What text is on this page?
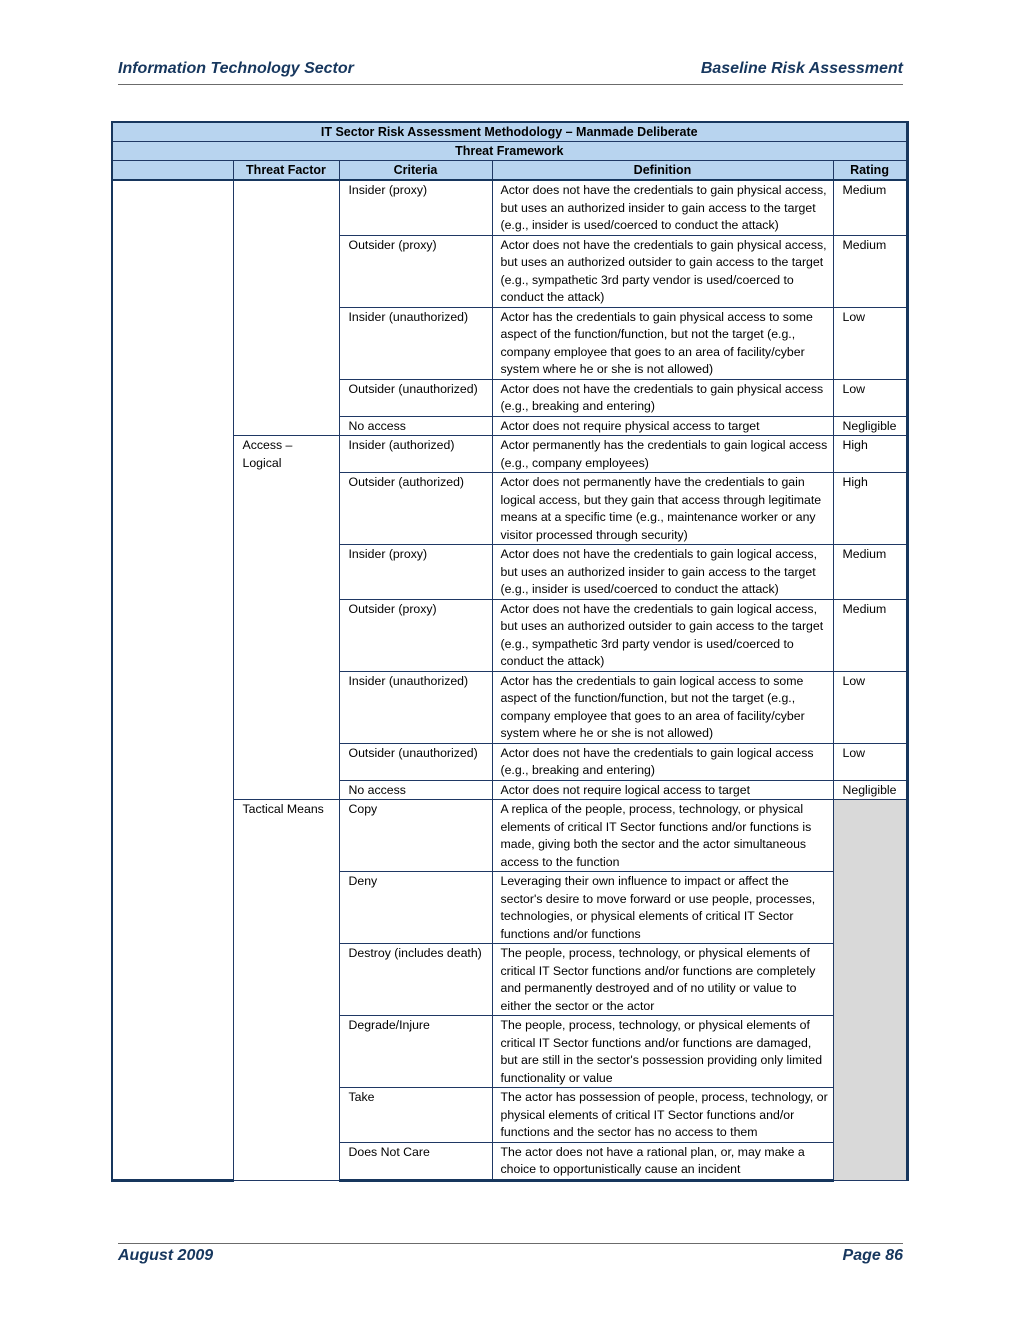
Information Technology Sector	Baseline Risk Assessment
IT Sector Risk Assessment Methodology – Manmade Deliberate				
Threat Framework				
	Threat Factor	Criteria	Definition	Rating

		Insider (proxy)	Actor does not have the credentials to gain physical access, but uses an authorized insider to gain access to the target (e.g., insider is used/coerced to conduct the attack)	Medium

		Outsider (proxy)	Actor does not have the credentials to gain physical access, but uses an authorized outsider to gain access to the target (e.g., sympathetic 3rd party vendor is used/coerced to conduct the attack)	Medium

		Insider (unauthorized)	Actor has the credentials to gain physical access to some aspect of the function/function, but not the target (e.g., company employee that goes to an area of facility/cyber system where he or she is not allowed)	Low

		Outsider (unauthorized)	Actor does not have the credentials to gain physical access (e.g., breaking and entering)	Low

		No access	Actor does not require physical access to target	Negligible

	Access – Logical	Insider (authorized)	Actor permanently has the credentials to gain logical access (e.g., company employees)	High

		Outsider (authorized)	Actor does not permanently have the credentials to gain logical access, but they gain that access through legitimate means at a specific time (e.g., maintenance worker or any visitor processed through security)	High

		Insider (proxy)	Actor does not have the credentials to gain logical access, but uses an authorized insider to gain access to the target (e.g., insider is used/coerced to conduct the attack)	Medium

		Outsider (proxy)	Actor does not have the credentials to gain logical access, but uses an authorized outsider to gain access to the target (e.g., sympathetic 3rd party vendor is used/coerced to conduct the attack)	Medium

		Insider (unauthorized)	Actor has the credentials to gain logical access to some aspect of the function/function, but not the target (e.g., company employee that goes to an area of facility/cyber system where he or she is not allowed)	Low

		Outsider (unauthorized)	Actor does not have the credentials to gain logical access (e.g., breaking and entering)	Low

		No access	Actor does not require logical access to target	Negligible

	Tactical Means	Copy	A replica of the people, process, technology, or physical elements of critical IT Sector functions and/or functions is made, giving both the sector and the actor simultaneous access to the function	

		Deny	Leveraging their own influence to impact or affect the sector's desire to move forward or use people, processes, technologies, or physical elements of critical IT Sector functions and/or functions	

		Destroy (includes death)	The people, process, technology, or physical elements of critical IT Sector functions and/or functions are completely and permanently destroyed and of no utility or value to either the sector or the actor	

		Degrade/Injure	The people, process, technology, or physical elements of critical IT Sector functions and/or functions are damaged, but are still in the sector's possession providing only limited functionality or value	

		Take	The actor has possession of people, process, technology, or physical elements of critical IT Sector functions and/or functions and the sector has no access to them	

		Does Not Care	The actor does not have a rational plan, or, may make a choice to opportunistically cause an incident	
August 2009	Page 86
